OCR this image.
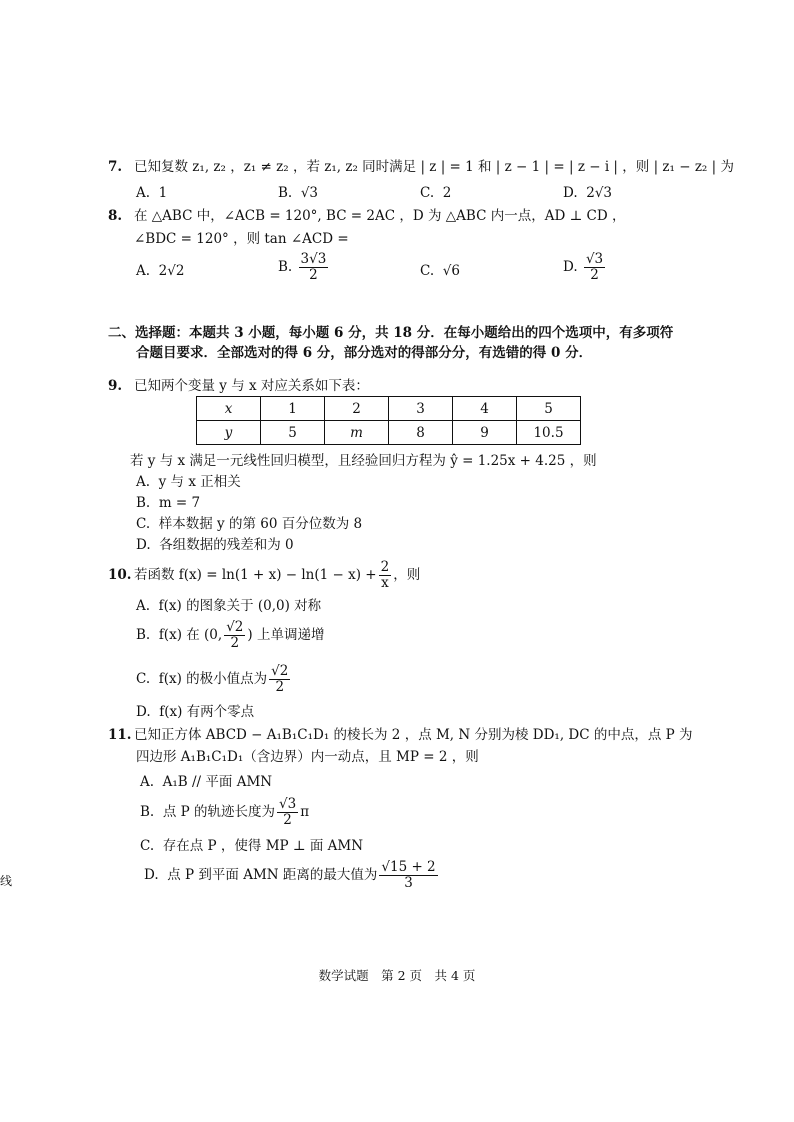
7. 已知复数 z₁, z₂ ，z₁ ≠ z₂ ，若 z₁, z₂ 同时满足 | z | = 1 和 | z − 1 | = | z − i | ，则 | z₁ − z₂ | 为
A. 1	B. √3	C. 2	D. 2√3
8. 在 △ABC 中，∠ACB = 120°, BC = 2AC ，D 为 △ABC 内一点，AD ⊥ CD ，
∠BDC = 120° ，则 tan ∠ACD =
A. 2√2	B. $\frac{3√3}{2}$	C. √6	D. $\frac{√3}{2}$
二、选择题：本题共 3 小题，每小题 6 分，共 18 分．在每小题给出的四个选项中，有多项符
合题目要求．全部选对的得 6 分，部分选对的得部分分，有选错的得 0 分．
9. 已知两个变量 y 与 x 对应关系如下表：
x	1	2	3	4	5
y	5	m	8	9	10.5
若 y 与 x 满足一元线性回归模型，且经验回归方程为 ŷ = 1.25x + 4.25 ，则
A. y 与 x 正相关
B. m = 7
C. 样本数据 y 的第 60 百分位数为 8
D. 各组数据的残差和为 0
10. 若函数 $f(x) = \ln(1 + x) - \ln(1 - x) + \frac{2}{x}$ ，则
A. f(x) 的图象关于 (0,0) 对称
B. f(x) 在 (0, $\frac{√2}{2}$ ) 上单调递增
C. f(x) 的极小值点为 $\frac{√2}{2}$
D. f(x) 有两个零点
11. 已知正方体 ABCD − A₁B₁C₁D₁ 的棱长为 2 ，点 M, N 分别为棱 DD₁, DC 的中点，点 P 为
四边形 A₁B₁C₁D₁（含边界）内一动点，且 MP = 2 ，则
A. A₁B // 平面 AMN
B. 点 P 的轨迹长度为 $\frac{√3}{2}$ π
C. 存在点 P ，使得 MP ⊥ 面 AMN
D. 点 P 到平面 AMN 距离的最大值为 $\frac{√15 + 2}{3}$
线
数学试题　第 2 页　共 4 页
